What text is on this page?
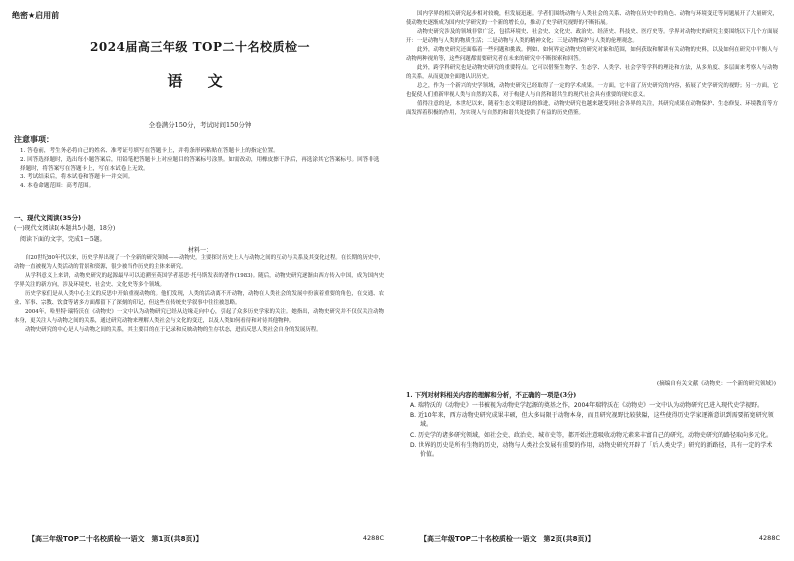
绝密★启用前
2024届高三年级 TOP二十名校质检一
语 文
全卷满分150分，考试时间150分钟
注意事项：

1. 答卷前，考生务必将自己的姓名、准考证号填写在答题卡上，并将条形码粘贴在答题卡上的指定位置。

2. 回答选择题时，选出每小题答案后，用铅笔把答题卡上对应题目的答案标号涂黑。如需改动，用橡皮擦干净后，再选涂其它答案标号。回答非选择题时，将答案写在答题卡上，写在本试卷上无效。

3. 考试结束后，将本试卷和答题卡一并交回。

4. 本卷命题范围：高考范围。

一、现代文阅读(35分)
(一)现代文阅读Ⅰ(本题共5小题，18分)
阅读下面的文字，完成1～5题。
材料一：

自20世纪80年代以来，历史学界出现了一个全新的研究领域——动物史，主要探讨历史上人与动物之间的互动与关系及其变化过程。在长期的历史中，动物一直被视为人类活动的背景和资源，很少被当作历史的主体来研究。

从学科意义上来讲，动物史研究的起源最早可以追溯至英国学者基思·托马斯发表的著作(1983)。随后，动物史研究逐渐由西方传入中国，成为国内史学界关注的新方向，涉及环境史、社会史、文化史等多个领域。

历史学家们是从人类中心主义的反思中开始重视动物的。他们发现，人类的活动离不开动物，动物在人类社会的发展中扮演着重要的角色，在交通、农业、军事、宗教、饮食等诸多方面都留下了深刻的印记，但这些在传统史学叙事中往往被忽略。

2004年，哈里特·瑞特沃在《动物史》一文中认为动物研究已经从边缘走向中心，引起了众多历史学家的关注。她指出，动物史研究并不仅仅关注动物本身，更关注人与动物之间的关系，通过研究动物来理解人类社会与文化的变迁，以及人类如何看待和对待其他物种。

动物史研究的中心是人与动物之间的关系，其主要目的在于记录和反映动物的生存状态，进而反思人类社会自身的发展历程。

【高三年级TOP二十名校质检一·语文　第1页(共8页)】	4288C

国内学界的相关研究起步相对较晚，但发展迅速。学者们围绕动物与人类社会的关系、动物在历史中的角色、动物与环境变迁等问题展开了大量研究，使动物史逐渐成为国内史学研究的一个新的增长点，推动了史学研究视野的不断拓展。

动物史研究涉及的领域非常广泛，包括环境史、社会史、文化史、政治史、经济史、科技史、医疗史等。学界对动物史的研究主要围绕以下几个方面展开：一是动物与人类的物质生活；二是动物与人类的精神文化；三是动物保护与人类的伦理观念。

此外，动物史研究还面临着一些问题和挑战。例如，如何界定动物史的研究对象和范围，如何获取和解读有关动物的史料，以及如何在研究中平衡人与动物两种视角等，这些问题都需要研究者在未来的研究中不断探索和回答。

此外，跨学科研究也是动物史研究的重要特点。它可以借鉴生物学、生态学、人类学、社会学等学科的理论和方法，从多角度、多层面来考察人与动物的关系，从而更加全面地认识历史。

总之，作为一个新兴的史学领域，动物史研究已经取得了一定的学术成果。一方面，它丰富了历史研究的内容，拓展了史学研究的视野；另一方面，它也促使人们重新审视人类与自然的关系，对于构建人与自然和谐共生的现代社会具有重要的现实意义。

值得注意的是，本世纪以来，随着生态文明建设的推进，动物史研究也越来越受到社会各界的关注，其研究成果在动物保护、生态修复、环境教育等方面发挥着积极的作用，为实现人与自然的和谐共处提供了有益的历史借鉴。

(摘编自有关文献《动物史：一个新的研究领域》)
1. 下列对材料相关内容的理解和分析，不正确的一项是(3分)

A. 瑞特沃的《动物史》一书被视为动物史学起源的奠基之作，2004年瑞特沃在《动物史》一文中认为动物研究已进入现代史学视野。

B. 近10年来，西方动物史研究成果丰硕，但大多局限于动物本身，而且研究视野比较狭隘，这些使得历史学家逐渐意识到需要拓宽研究领域。

C. 历史学的诸多研究领域，如社会史、政治史、城市史等，都开始注意吸收动物元素来丰富自己的研究，动物史研究的路径取向多元化。

D. 世界的历史是所有生物的历史，动物与人类社会发展有重要的作用，动物史研究开辟了「后人类史学」研究的新路径，具有一定的学术价值。

【高三年级TOP二十名校质检一·语文　第2页(共8页)】	4288C
